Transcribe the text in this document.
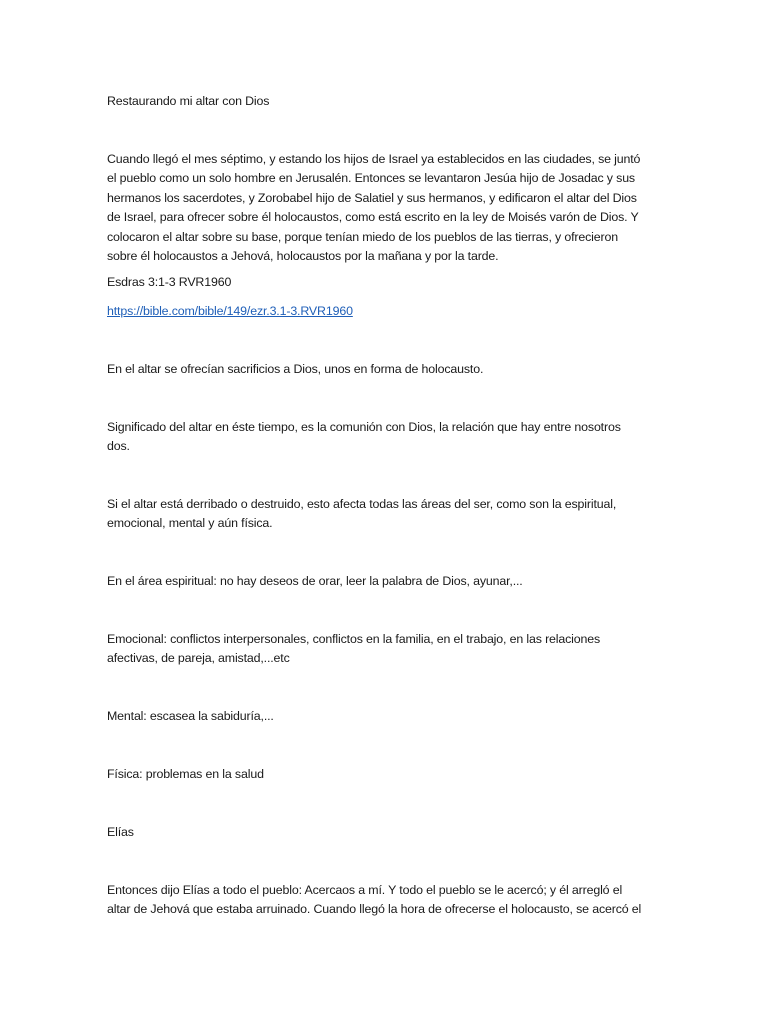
Restaurando mi altar con Dios

Cuando llegó el mes séptimo, y estando los hijos de Israel ya establecidos en las ciudades, se juntó
el pueblo como un solo hombre en Jerusalén. Entonces se levantaron Jesúa hijo de Josadac y sus
hermanos los sacerdotes, y Zorobabel hijo de Salatiel y sus hermanos, y edificaron el altar del Dios
de Israel, para ofrecer sobre él holocaustos, como está escrito en la ley de Moisés varón de Dios. Y
colocaron el altar sobre su base, porque tenían miedo de los pueblos de las tierras, y ofrecieron
sobre él holocaustos a Jehová, holocaustos por la mañana y por la tarde.

Esdras 3:1-3 RVR1960

https://bible.com/bible/149/ezr.3.1-3.RVR1960

En el altar se ofrecían sacrificios a Dios, unos en forma de holocausto.

Significado del altar en éste tiempo, es la comunión con Dios, la relación que hay entre nosotros
dos.

Si el altar está derribado o destruido, esto afecta todas las áreas del ser, como son la espiritual,
emocional, mental y aún física.

En el área espiritual: no hay deseos de orar, leer la palabra de Dios, ayunar,...

Emocional: conflictos interpersonales, conflictos en la familia, en el trabajo, en las relaciones
afectivas, de pareja, amistad,...etc

Mental: escasea la sabiduría,...

Física: problemas en la salud

Elías

Entonces dijo Elías a todo el pueblo: Acercaos a mí. Y todo el pueblo se le acercó; y él arregló el
altar de Jehová que estaba arruinado. Cuando llegó la hora de ofrecerse el holocausto, se acercó el
